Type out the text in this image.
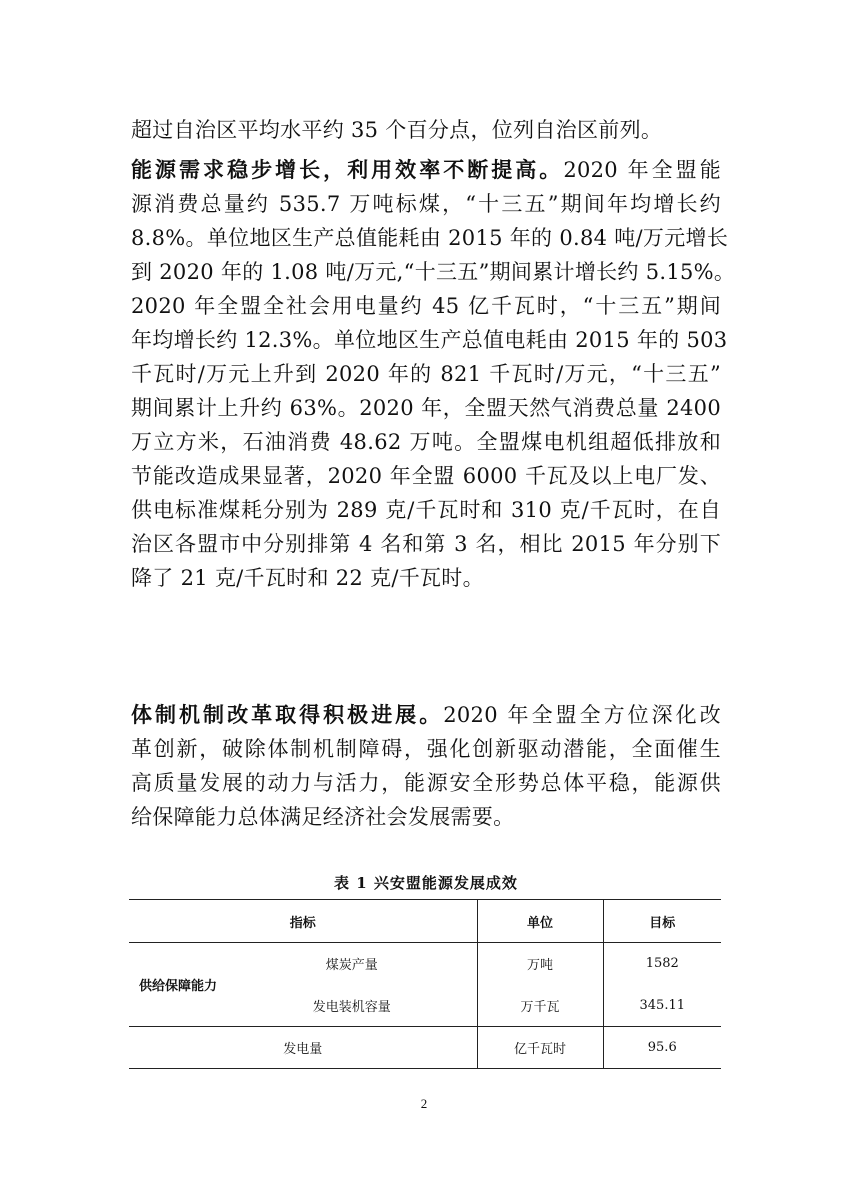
超过自治区平均水平约 35 个百分点，位列自治区前列。
能源需求稳步增长，利用效率不断提高。2020 年全盟能
源消费总量约 535.7 万吨标煤，“十三五”期间年均增长约
8.8%。单位地区生产总值能耗由 2015 年的 0.84 吨/万元增长
到 2020 年的 1.08 吨/万元,“十三五”期间累计增长约 5.15%。
2020 年全盟全社会用电量约 45 亿千瓦时，“十三五”期间
年均增长约 12.3%。单位地区生产总值电耗由 2015 年的 503
千瓦时/万元上升到 2020 年的 821 千瓦时/万元，“十三五”
期间累计上升约 63%。2020 年，全盟天然气消费总量 2400
万立方米，石油消费 48.62 万吨。全盟煤电机组超低排放和
节能改造成果显著，2020 年全盟 6000 千瓦及以上电厂发、
供电标准煤耗分别为 289 克/千瓦时和 310 克/千瓦时，在自
治区各盟市中分别排第 4 名和第 3 名，相比 2015 年分别下
降了 21 克/千瓦时和 22 克/千瓦时。
体制机制改革取得积极进展。2020 年全盟全方位深化改
革创新，破除体制机制障碍，强化创新驱动潜能，全面催生
高质量发展的动力与活力，能源安全形势总体平稳，能源供
给保障能力总体满足经济社会发展需要。
表 1 兴安盟能源发展成效
指标		单位	目标
供给保障能力	煤炭产量	万吨	1582
	发电装机容量	万千瓦	345.11
发电量		亿千瓦时	95.6
2
